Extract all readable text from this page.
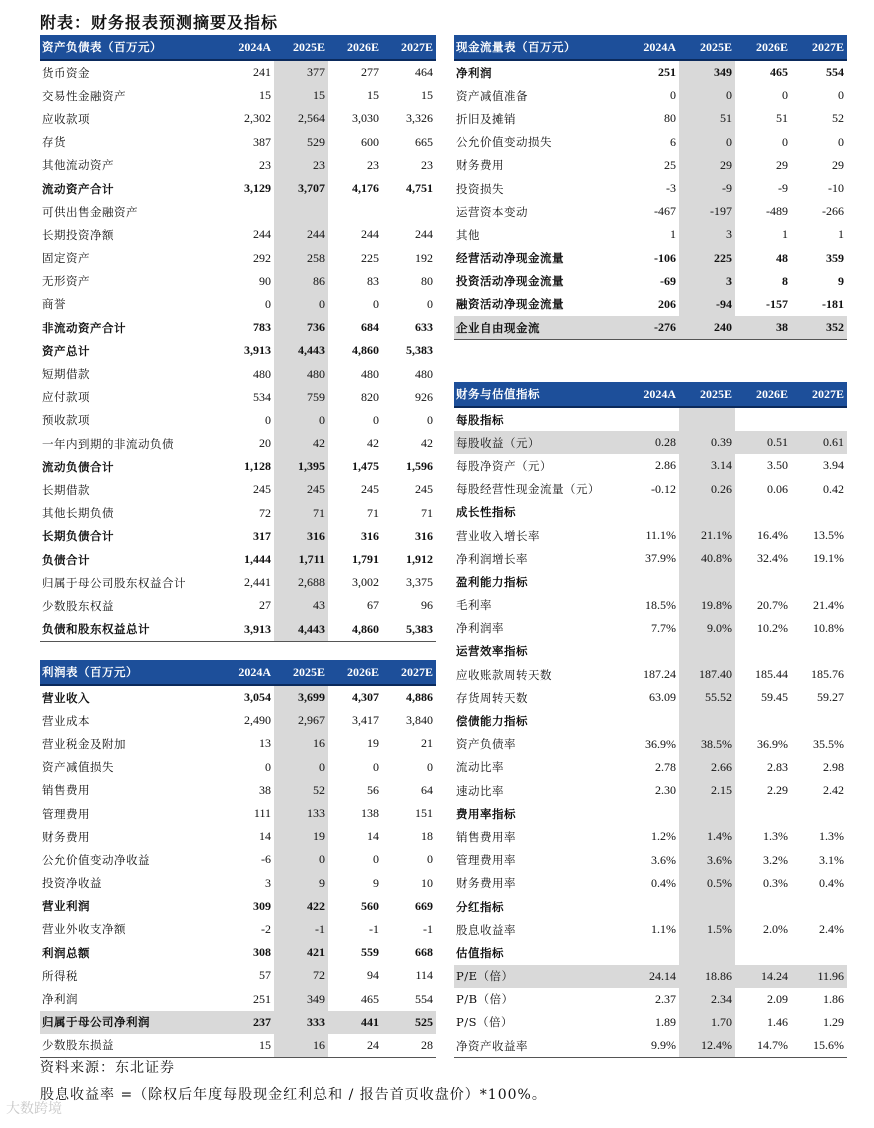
附表：财务报表预测摘要及指标
资产负债表（百万元）	2024A	2025E	2026E	2027E
货币资金	241	377	277	464
交易性金融资产	15	15	15	15
应收款项	2,302	2,564	3,030	3,326
存货	387	529	600	665
其他流动资产	23	23	23	23
流动资产合计	3,129	3,707	4,176	4,751
可供出售金融资产				
长期投资净额	244	244	244	244
固定资产	292	258	225	192
无形资产	90	86	83	80
商誉	0	0	0	0
非流动资产合计	783	736	684	633
资产总计	3,913	4,443	4,860	5,383
短期借款	480	480	480	480
应付款项	534	759	820	926
预收款项	0	0	0	0
一年内到期的非流动负债	20	42	42	42
流动负债合计	1,128	1,395	1,475	1,596
长期借款	245	245	245	245
其他长期负债	72	71	71	71
长期负债合计	317	316	316	316
负债合计	1,444	1,711	1,791	1,912
归属于母公司股东权益合计	2,441	2,688	3,002	3,375
少数股东权益	27	43	67	96
负债和股东权益总计	3,913	4,443	4,860	5,383
现金流量表（百万元）	2024A	2025E	2026E	2027E
净利润	251	349	465	554
资产减值准备	0	0	0	0
折旧及摊销	80	51	51	52
公允价值变动损失	6	0	0	0
财务费用	25	29	29	29
投资损失	-3	-9	-9	-10
运营资本变动	-467	-197	-489	-266
其他	1	3	1	1
经营活动净现金流量	-106	225	48	359
投资活动净现金流量	-69	3	8	9
融资活动净现金流量	206	-94	-157	-181
企业自由现金流	-276	240	38	352
财务与估值指标	2024A	2025E	2026E	2027E
每股指标				
每股收益（元）	0.28	0.39	0.51	0.61
每股净资产（元）	2.86	3.14	3.50	3.94
每股经营性现金流量（元）	-0.12	0.26	0.06	0.42
成长性指标				
营业收入增长率	11.1%	21.1%	16.4%	13.5%
净利润增长率	37.9%	40.8%	32.4%	19.1%
盈利能力指标				
毛利率	18.5%	19.8%	20.7%	21.4%
净利润率	7.7%	9.0%	10.2%	10.8%
运营效率指标				
应收账款周转天数	187.24	187.40	185.44	185.76
存货周转天数	63.09	55.52	59.45	59.27
偿债能力指标				
资产负债率	36.9%	38.5%	36.9%	35.5%
流动比率	2.78	2.66	2.83	2.98
速动比率	2.30	2.15	2.29	2.42
费用率指标				
销售费用率	1.2%	1.4%	1.3%	1.3%
管理费用率	3.6%	3.6%	3.2%	3.1%
财务费用率	0.4%	0.5%	0.3%	0.4%
分红指标				
股息收益率	1.1%	1.5%	2.0%	2.4%
估值指标				
P/E（倍）	24.14	18.86	14.24	11.96
P/B（倍）	2.37	2.34	2.09	1.86
P/S（倍）	1.89	1.70	1.46	1.29
净资产收益率	9.9%	12.4%	14.7%	15.6%
利润表（百万元）	2024A	2025E	2026E	2027E
营业收入	3,054	3,699	4,307	4,886
营业成本	2,490	2,967	3,417	3,840
营业税金及附加	13	16	19	21
资产减值损失	0	0	0	0
销售费用	38	52	56	64
管理费用	111	133	138	151
财务费用	14	19	14	18
公允价值变动净收益	-6	0	0	0
投资净收益	3	9	9	10
营业利润	309	422	560	669
营业外收支净额	-2	-1	-1	-1
利润总额	308	421	559	668
所得税	57	72	94	114
净利润	251	349	465	554
归属于母公司净利润	237	333	441	525
少数股东损益	15	16	24	28
资料来源：东北证券
股息收益率 =（除权后年度每股现金红利总和 / 报告首页收盘价）*100%。
大数跨境
